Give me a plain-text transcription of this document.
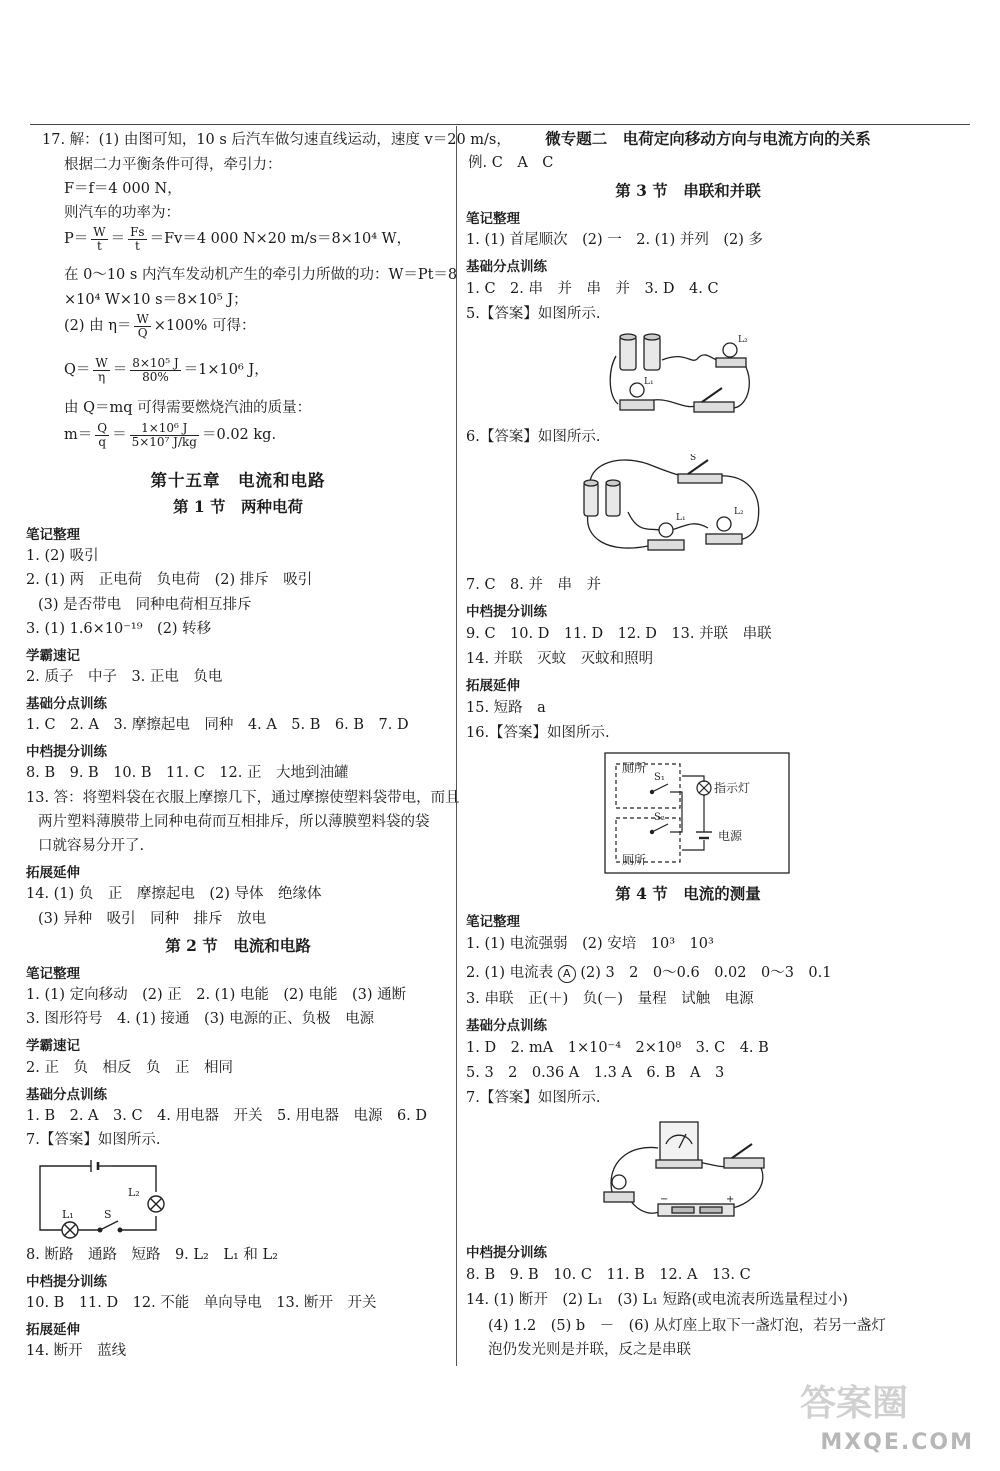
17. 解：(1) 由图可知，10 s 后汽车做匀速直线运动，速度 v＝20 m/s，
根据二力平衡条件可得，牵引力：
F＝f＝4 000 N，
则汽车的功率为：
$P= \frac{W}{t} = \frac{Fs}{t} =Fv=4$ 000 N×20 m/s＝8×10⁴ W，
在 0～10 s 内汽车发动机产生的牵引力所做的功：W＝Pt＝8
×10⁴ W×10 s＝8×10⁵ J；
(2) 由 $\eta= \frac{W}{Q} \times 100\%$ 可得：
$Q= \frac{W}{\eta} = \frac{\text{8×10⁵ J}}{80\%} =1\times 10^6$ J，
由 Q＝mq 可得需要燃烧汽油的质量：
$m= \frac{Q}{q} = \frac{\text{1×10⁶ J}}{\text{5×10⁷ J/kg}} =0.02$ kg.
第十五章　电流和电路
第 1 节　两种电荷
笔记整理
1. (2) 吸引
2. (1) 两　正电荷　负电荷　(2) 排斥　吸引
(3) 是否带电　同种电荷相互排斥
3. (1) 1.6×10⁻¹⁹　(2) 转移
学霸速记
2. 质子　中子　3. 正电　负电
基础分点训练
1. C　2. A　3. 摩擦起电　同种　4. A　5. B　6. B　7. D
中档提分训练
8. B　9. B　10. B　11. C　12. 正　大地到油罐
13. 答：将塑料袋在衣服上摩擦几下，通过摩擦使塑料袋带电，而且
两片塑料薄膜带上同种电荷而互相排斥，所以薄膜塑料袋的袋
口就容易分开了.
拓展延伸
14. (1) 负　正　摩擦起电　(2) 导体　绝缘体
(3) 异种　吸引　同种　排斥　放电
第 2 节　电流和电路
笔记整理
1. (1) 定向移动　(2) 正　2. (1) 电能　(2) 电能　(3) 通断
3. 图形符号　4. (1) 接通　(3) 电源的正、负极　电源
学霸速记
2. 正　负　相反　负　正　相同
基础分点训练
1. B　2. A　3. C　4. 用电器　开关　5. 用电器　电源　6. D
7.【答案】如图所示.
L₁
L₂
S
8. 断路　通路　短路　9. L₂　L₁ 和 L₂
中档提分训练
10. B　11. D　12. 不能　单向导电　13. 断开　开关
拓展延伸
14. 断开　蓝线
微专题二　电荷定向移动方向与电流方向的关系
例. C　A　C
第 3 节　串联和并联
笔记整理
1. (1) 首尾顺次　(2) 一　2. (1) 并列　(2) 多
基础分点训练
1. C　2. 串　并　串　并　3. D　4. C
5.【答案】如图所示.
L₁
L₂
6.【答案】如图所示.
S
L₁
L₂
7. C　8. 并　串　并
中档提分训练
9. C　10. D　11. D　12. D　13. 并联　串联
14. 并联　灭蚊　灭蚊和照明
拓展延伸
15. 短路　a
16.【答案】如图所示.
厕所
厕所
S₁
S₂
指示灯
电源
第 4 节　电流的测量
笔记整理
1. (1) 电流强弱　(2) 安培　10³　10³
2. (1) 电流表 A (2) 3　2　0～0.6　0.02　0～3　0.1
3. 串联　正(＋)　负(－)　量程　试触　电源
基础分点训练
1. D　2. mA　1×10⁻⁴　2×10⁸　3. C　4. B
5. 3　2　0.36 A　1.3 A　6. B　A　3
7.【答案】如图所示.
−	+
中档提分训练
8. B　9. B　10. C　11. B　12. A　13. C
14. (1) 断开　(2) L₁　(3) L₁ 短路(或电流表所选量程过小)
(4) 1.2　(5) b　－　(6) 从灯座上取下一盏灯泡，若另一盏灯
泡仍发光则是并联，反之是串联
答案圈
MXQE.COM
